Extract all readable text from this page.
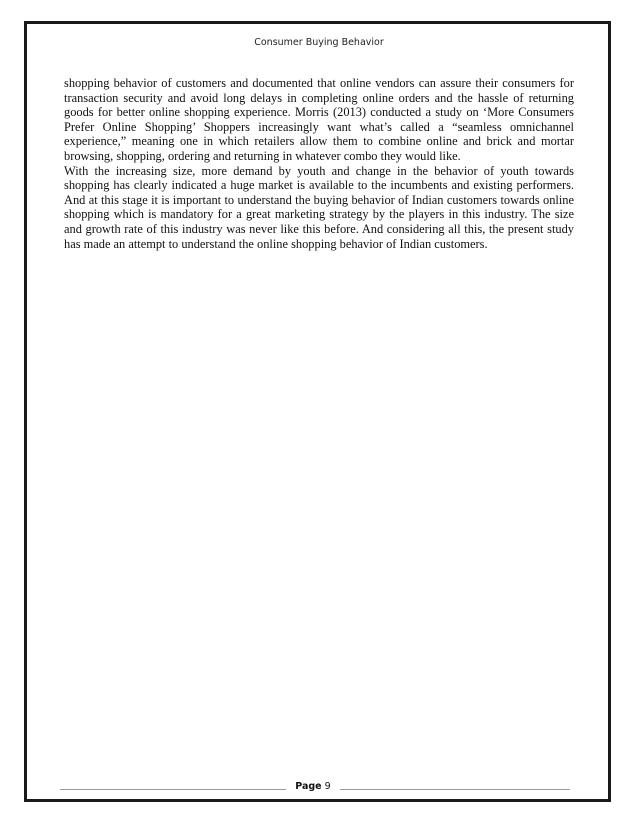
Consumer Buying Behavior

shopping behavior of customers and documented that online vendors can assure their consumers for transaction security and avoid long delays in completing online orders and the hassle of returning goods for better online shopping experience. Morris (2013) conducted a study on ‘More Consumers Prefer Online Shopping’ Shoppers increasingly want what’s called a “seamless omnichannel experience,” meaning one in which retailers allow them to combine online and brick and mortar browsing, shopping, ordering and returning in whatever combo they would like.

With the increasing size, more demand by youth and change in the behavior of youth towards shopping has clearly indicated a huge market is available to the incumbents and existing performers. And at this stage it is important to understand the buying behavior of Indian customers towards online shopping which is mandatory for a great marketing strategy by the players in this industry. The size and growth rate of this industry was never like this before. And considering all this, the present study has made an attempt to understand the online shopping behavior of Indian customers.

Page 9
